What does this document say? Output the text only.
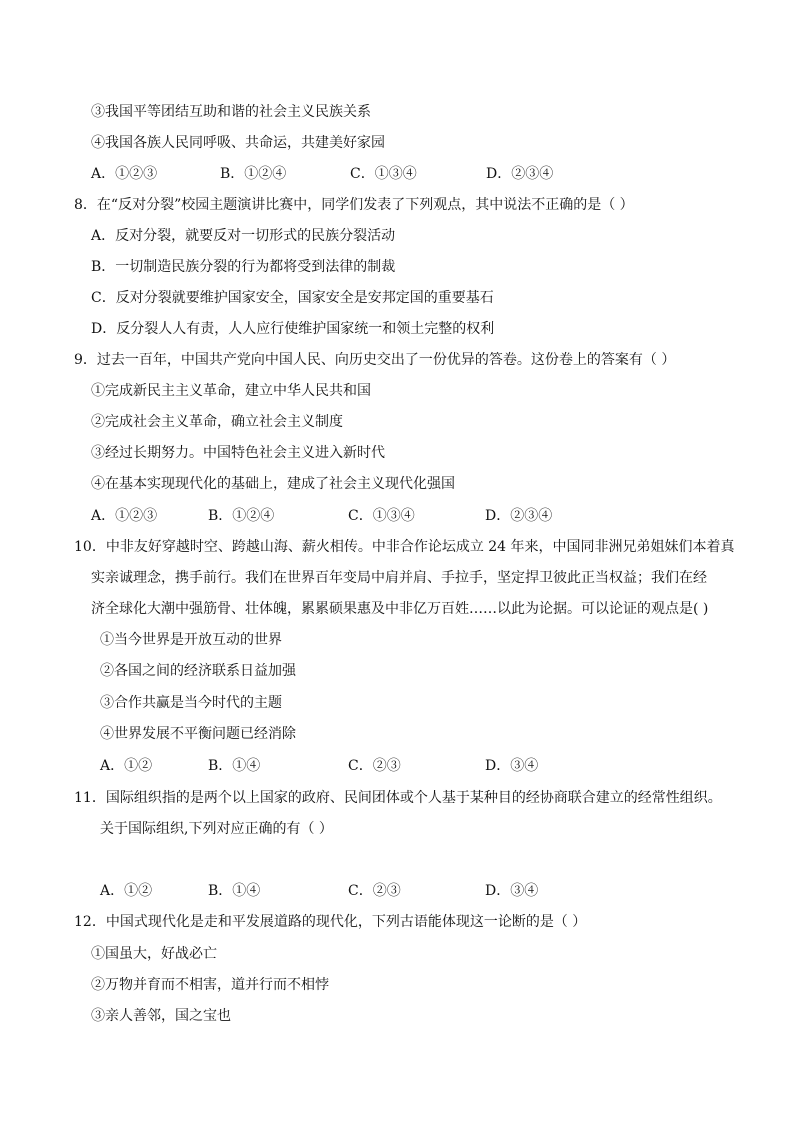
③我国平等团结互助和谐的社会主义民族关系
④我国各族人民同呼吸、共命运，共建美好家园
A．①②③	B．①②④	C．①③④	D．②③④
8．在“反对分裂”校园主题演讲比赛中，同学们发表了下列观点，其中说法不正确的是（ ）
A．反对分裂，就要反对一切形式的民族分裂活动
B．一切制造民族分裂的行为都将受到法律的制裁
C．反对分裂就要维护国家安全，国家安全是安邦定国的重要基石
D．反分裂人人有责，人人应行使维护国家统一和领土完整的权利
9．过去一百年，中国共产党向中国人民、向历史交出了一份优异的答卷。这份卷上的答案有（ ）
①完成新民主主义革命，建立中华人民共和国
②完成社会主义革命，确立社会主义制度
③经过长期努力。中国特色社会主义进入新时代
④在基本实现现代化的基础上，建成了社会主义现代化强国
A．①②③	B．①②④	C．①③④	D．②③④
10．中非友好穿越时空、跨越山海、薪火相传。中非合作论坛成立 24 年来，中国同非洲兄弟姐妹们本着真
实亲诚理念，携手前行。我们在世界百年变局中肩并肩、手拉手，坚定捍卫彼此正当权益；我们在经
济全球化大潮中强筋骨、壮体魄，累累硕果惠及中非亿万百姓……以此为论据。可以论证的观点是( )
①当今世界是开放互动的世界
②各国之间的经济联系日益加强
③合作共赢是当今时代的主题
④世界发展不平衡问题已经消除
A．①②	B．①④	C．②③	D．③④
11．国际组织指的是两个以上国家的政府、民间团体或个人基于某种目的经协商联合建立的经常性组织。
关于国际组织,下列对应正确的有（ ）
A．①②	B．①④	C．②③	D．③④
12．中国式现代化是走和平发展道路的现代化，下列古语能体现这一论断的是（ ）
①国虽大，好战必亡
②万物并育而不相害，道并行而不相悖
③亲人善邻，国之宝也
